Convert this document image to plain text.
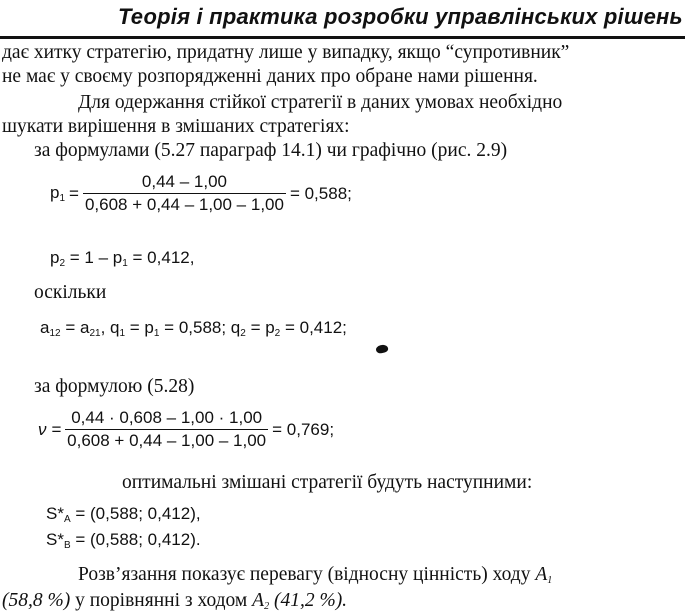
Теорія і практика розробки управлінських рішень
дає хитку стратегію, придатну лише у випадку, якщо “супротивник”
не має у своєму розпорядженні даних про обране нами рішення.
Для одержання стійкої стратегії в даних умовах необхідно
шукати вирішення в змішаних стратегіях:
за формулами (5.27 параграф 14.1) чи графічно (рис. 2.9)
$p_1 = \frac{0,44 - 1,00}{0,608 + 0,44 - 1,00 - 1,00} = 0,588$;
$p_2 = 1 - p_1 = 0,412$,
оскільки
$a_{12} = a_{21}$, $q_1 = p_1 = 0,588$; $q_2 = p_2 = 0,412$;
за формулою (5.28)
$\nu = \frac{0,44 \cdot 0,608 - 1,00 \cdot 1,00}{0,608 + 0,44 - 1,00 - 1,00} = 0,769$;
оптимальні змішані стратегії будуть наступними:
$S*_A = (0,588$; 0,412),
$S*_B = (0,588$; 0,412).
Розв’язання показує перевагу (відносну цінність) ходу $A_1$
(58,8 %) у порівнянні з ходом $A_2$ (41,2 %).
